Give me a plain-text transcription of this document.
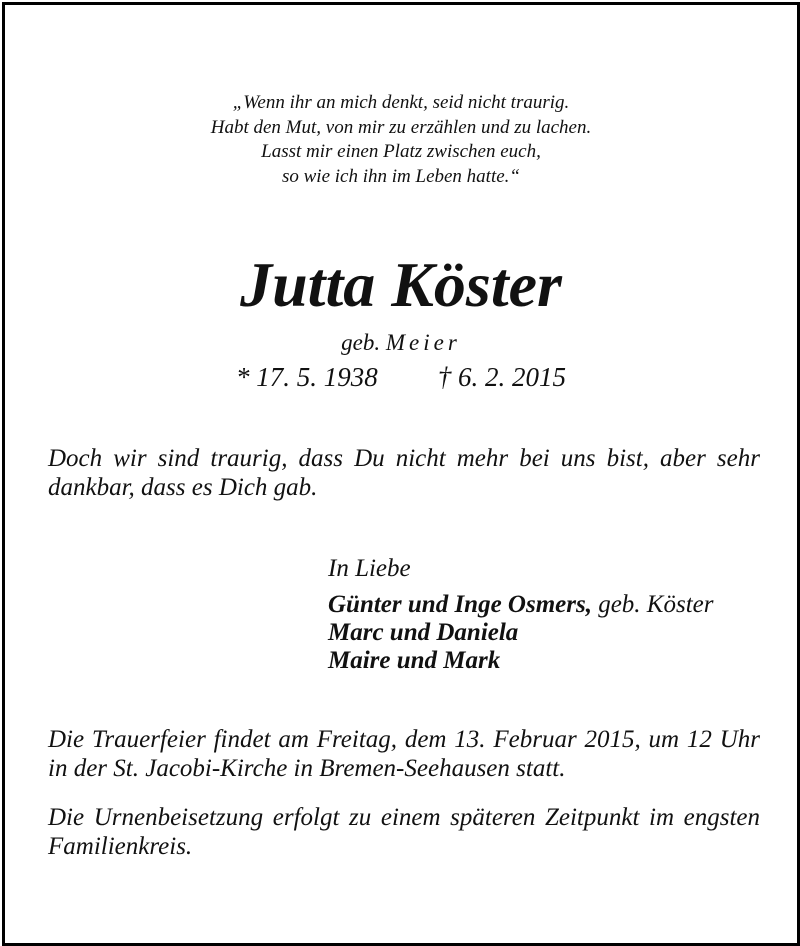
„Wenn ihr an mich denkt, seid nicht traurig.
Habt den Mut, von mir zu erzählen und zu lachen.
Lasst mir einen Platz zwischen euch,
so wie ich ihn im Leben hatte.“
Jutta Köster
geb. Meier
* 17. 5. 1938 † 6. 2. 2015
Doch wir sind traurig, dass Du nicht mehr bei uns bist, aber sehr dankbar, dass es Dich gab.
In Liebe
Günter und Inge Osmers, geb. Köster
Marc und Daniela
Maire und Mark
Die Trauerfeier findet am Freitag, dem 13. Februar 2015, um 12 Uhr in der St. Jacobi-Kirche in Bremen-Seehausen statt.
Die Urnenbeisetzung erfolgt zu einem späteren Zeitpunkt im engsten Familienkreis.
